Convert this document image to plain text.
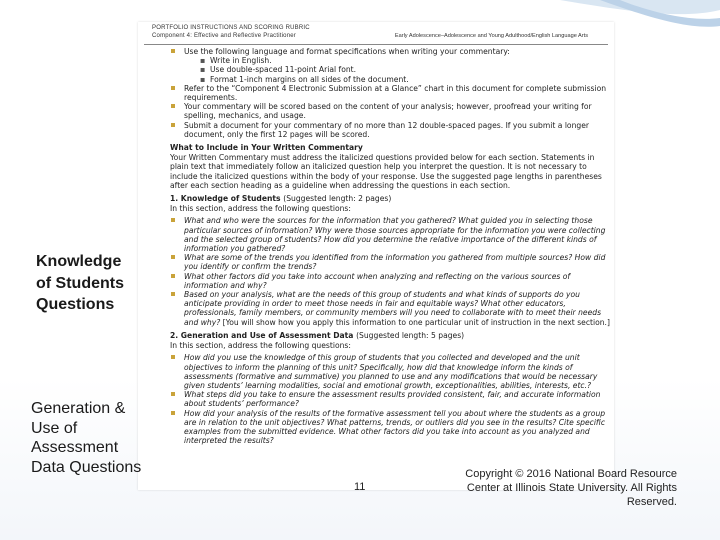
PORTFOLIO INSTRUCTIONS AND SCORING RUBRIC
Component 4: Effective and Reflective Practitioner	Early Adolescence–Adolescence and Young Adulthood/English Language Arts
Use the following language and format specifications when writing your commentary:
▪ Write in English.
▪ Use double-spaced 11-point Arial font.
▪ Format 1-inch margins on all sides of the document.
Refer to the “Component 4 Electronic Submission at a Glance” chart in this document for complete submission requirements.
Your commentary will be scored based on the content of your analysis; however, proofread your writing for spelling, mechanics, and usage.
Submit a document for your commentary of no more than 12 double-spaced pages. If you submit a longer document, only the first 12 pages will be scored.
What to Include in Your Written Commentary
Your Written Commentary must address the italicized questions provided below for each section. Statements in plain text that immediately follow an italicized question help you interpret the question. It is not necessary to include the italicized questions within the body of your response. Use the suggested page lengths in parentheses after each section heading as a guideline when addressing the questions in each section.
1. Knowledge of Students (Suggested length: 2 pages)
In this section, address the following questions:
What and who were the sources for the information that you gathered? What guided you in selecting those particular sources of information? Why were those sources appropriate for the information you were collecting and the selected group of students? How did you determine the relative importance of the different kinds of information you gathered?
What are some of the trends you identified from the information you gathered from multiple sources? How did you identify or confirm the trends?
What other factors did you take into account when analyzing and reflecting on the various sources of information and why?
Based on your analysis, what are the needs of this group of students and what kinds of supports do you anticipate providing in order to meet those needs in fair and equitable ways? What other educators, professionals, family members, or community members will you need to collaborate with to meet their needs and why? [You will show how you apply this information to one particular unit of instruction in the next section.]
2. Generation and Use of Assessment Data (Suggested length: 5 pages)
In this section, address the following questions:
How did you use the knowledge of this group of students that you collected and developed and the unit objectives to inform the planning of this unit? Specifically, how did that knowledge inform the kinds of assessments (formative and summative) you planned to use and any modifications that would be necessary given students’ learning modalities, social and emotional growth, exceptionalities, abilities, interests, etc.?
What steps did you take to ensure the assessment results provided consistent, fair, and accurate information about students’ performance?
How did your analysis of the results of the formative assessment tell you about where the students as a group are in relation to the unit objectives? What patterns, trends, or outliers did you see in the results? Cite specific examples from the submitted evidence. What other factors did you take into account as you analyzed and interpreted the results?
Knowledge
of Students
Questions
Generation &
Use of
Assessment
Data Questions
11
Copyright © 2016 National Board Resource
Center at Illinois State University. All Rights
Reserved.
